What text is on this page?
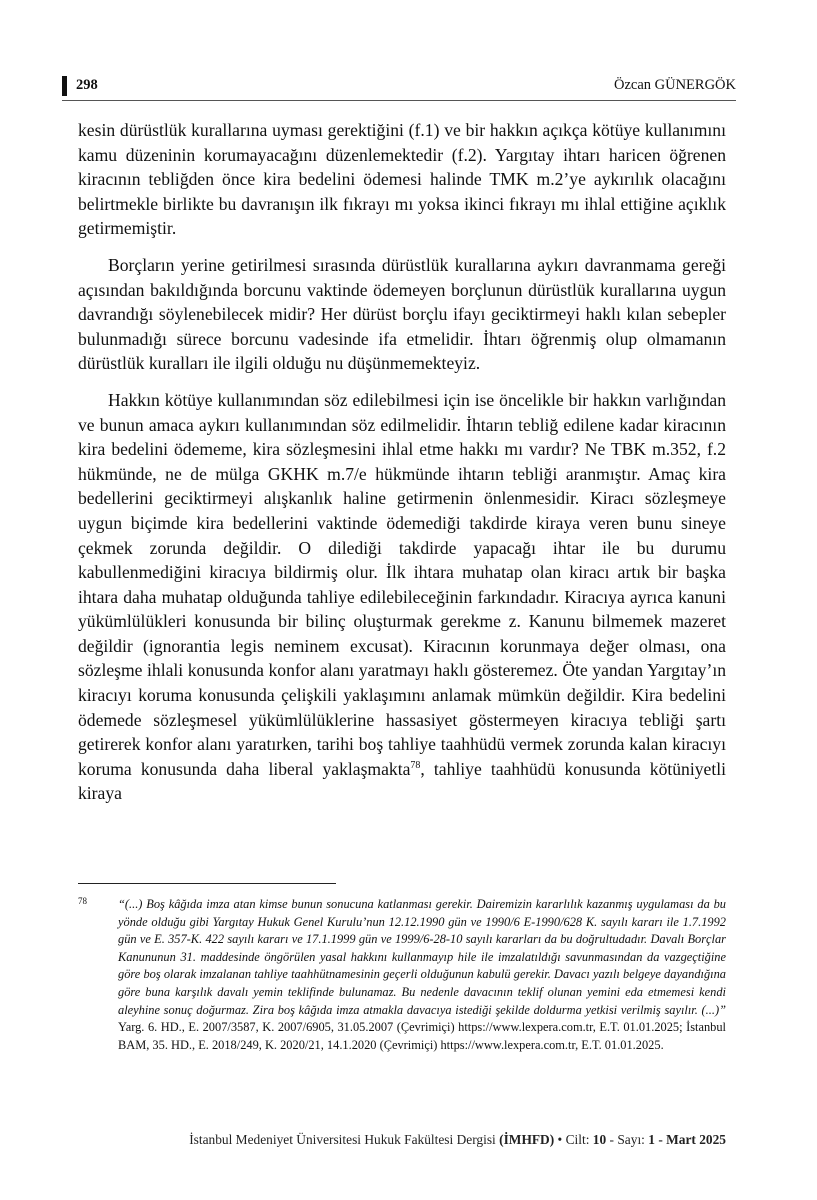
298	Özcan GÜNERGÖK

kesin dürüstlük kurallarına uyması gerektiğini (f.1) ve bir hakkın açıkça kötüye kullanımını kamu düzeninin korumayacağını düzenlemektedir (f.2). Yargıtay ihtarı haricen öğrenen kiracının tebliğden önce kira bedelini ödemesi halinde TMK m.2’ye aykırılık olacağını belirtmekle birlikte bu davranışın ilk fıkrayı mı yoksa ikinci fıkrayı mı ihlal ettiğine açıklık getirmemiştir.

Borçların yerine getirilmesi sırasında dürüstlük kurallarına aykırı davranmama gereği açısından bakıldığında borcunu vaktinde ödemeyen borçlunun dürüstlük kurallarına uygun davrandığı söylenebilecek midir? Her dürüst borçlu ifayı geciktirmeyi haklı kılan sebepler bulunmadığı sürece borcunu vadesinde ifa etmelidir. İhtarı öğrenmiş olup olmamanın dürüstlük kuralları ile ilgili olduğu nu düşünmemekteyiz.

Hakkın kötüye kullanımından söz edilebilmesi için ise öncelikle bir hakkın varlığından ve bunun amaca aykırı kullanımından söz edilmelidir. İhtarın tebliğ edilene kadar kiracının kira bedelini ödememe, kira sözleşmesini ihlal etme hakkı mı vardır? Ne TBK m.352, f.2 hükmünde, ne de mülga GKHK m.7/e hükmünde ihtarın tebliği aranmıştır. Amaç kira bedellerini geciktirmeyi alışkanlık haline getirmenin önlenmesidir. Kiracı sözleşmeye uygun biçimde kira bedellerini vaktinde ödemediği takdirde kiraya veren bunu sineye çekmek zorunda değildir. O dilediği takdirde yapacağı ihtar ile bu durumu kabullenmediğini kiracıya bildirmiş olur. İlk ihtara muhatap olan kiracı artık bir başka ihtara daha muhatap olduğunda tahliye edilebileceğinin farkındadır. Kiracıya ayrıca kanuni yükümlülükleri konusunda bir bilinç oluşturmak gerekme z. Kanunu bilmemek mazeret değildir (ignorantia legis neminem excusat). Kiracının korunmaya değer olması, ona sözleşme ihlali konusunda konfor alanı yaratmayı haklı gösteremez. Öte yandan Yargıtay’ın kiracıyı koruma konusunda çelişkili yaklaşımını anlamak mümkün değildir. Kira bedelini ödemede sözleşmesel yükümlülüklerine hassasiyet göstermeyen kiracıya tebliği şartı getirerek konfor alanı yaratırken, tarihi boş tahliye taahhüdü vermek zorunda kalan kiracıyı koruma konusunda daha liberal yaklaşmakta$^{78}$, tahliye taahhüdü konusunda kötüniyetli kiraya

78	“(...) Boş kâğıda imza atan kimse bunun sonucuna katlanması gerekir. Dairemizin kararlılık kazanmış uygulaması da bu yönde olduğu gibi Yargıtay Hukuk Genel Kurulu’nun 12.12.1990 gün ve 1990/6 E-1990/628 K. sayılı kararı ile 1.7.1992 gün ve E. 357-K. 422 sayılı kararı ve 17.1.1999 gün ve 1999/6-28-10 sayılı kararları da bu doğrultudadır. Davalı Borçlar Kanununun 31. maddesinde öngörülen yasal hakkını kullanmayıp hile ile imzalatıldığı savunmasından da vazgeçtiğine göre boş olarak imzalanan tahliye taahhütnamesinin geçerli olduğunun kabulü gerekir. Davacı yazılı belgeye dayandığına göre buna karşılık davalı yemin teklifinde bulunamaz. Bu nedenle davacının teklif olunan yemini eda etmemesi kendi aleyhine sonuç doğurmaz. Zira boş kâğıda imza atmakla davacıya istediği şekilde doldurma yetkisi verilmiş sayılır. (...)” Yarg. 6. HD., E. 2007/3587, K. 2007/6905, 31.05.2007 (Çevrimiçi) https://www.lexpera.com.tr, E.T. 01.01.2025; İstanbul BAM, 35. HD., E. 2018/249, K. 2020/21, 14.1.2020 (Çevrimiçi) https://www.lexpera.com.tr, E.T. 01.01.2025.
İstanbul Medeniyet Üniversitesi Hukuk Fakültesi Dergisi (İMHFD) • Cilt: 10 - Sayı: 1 - Mart 2025
